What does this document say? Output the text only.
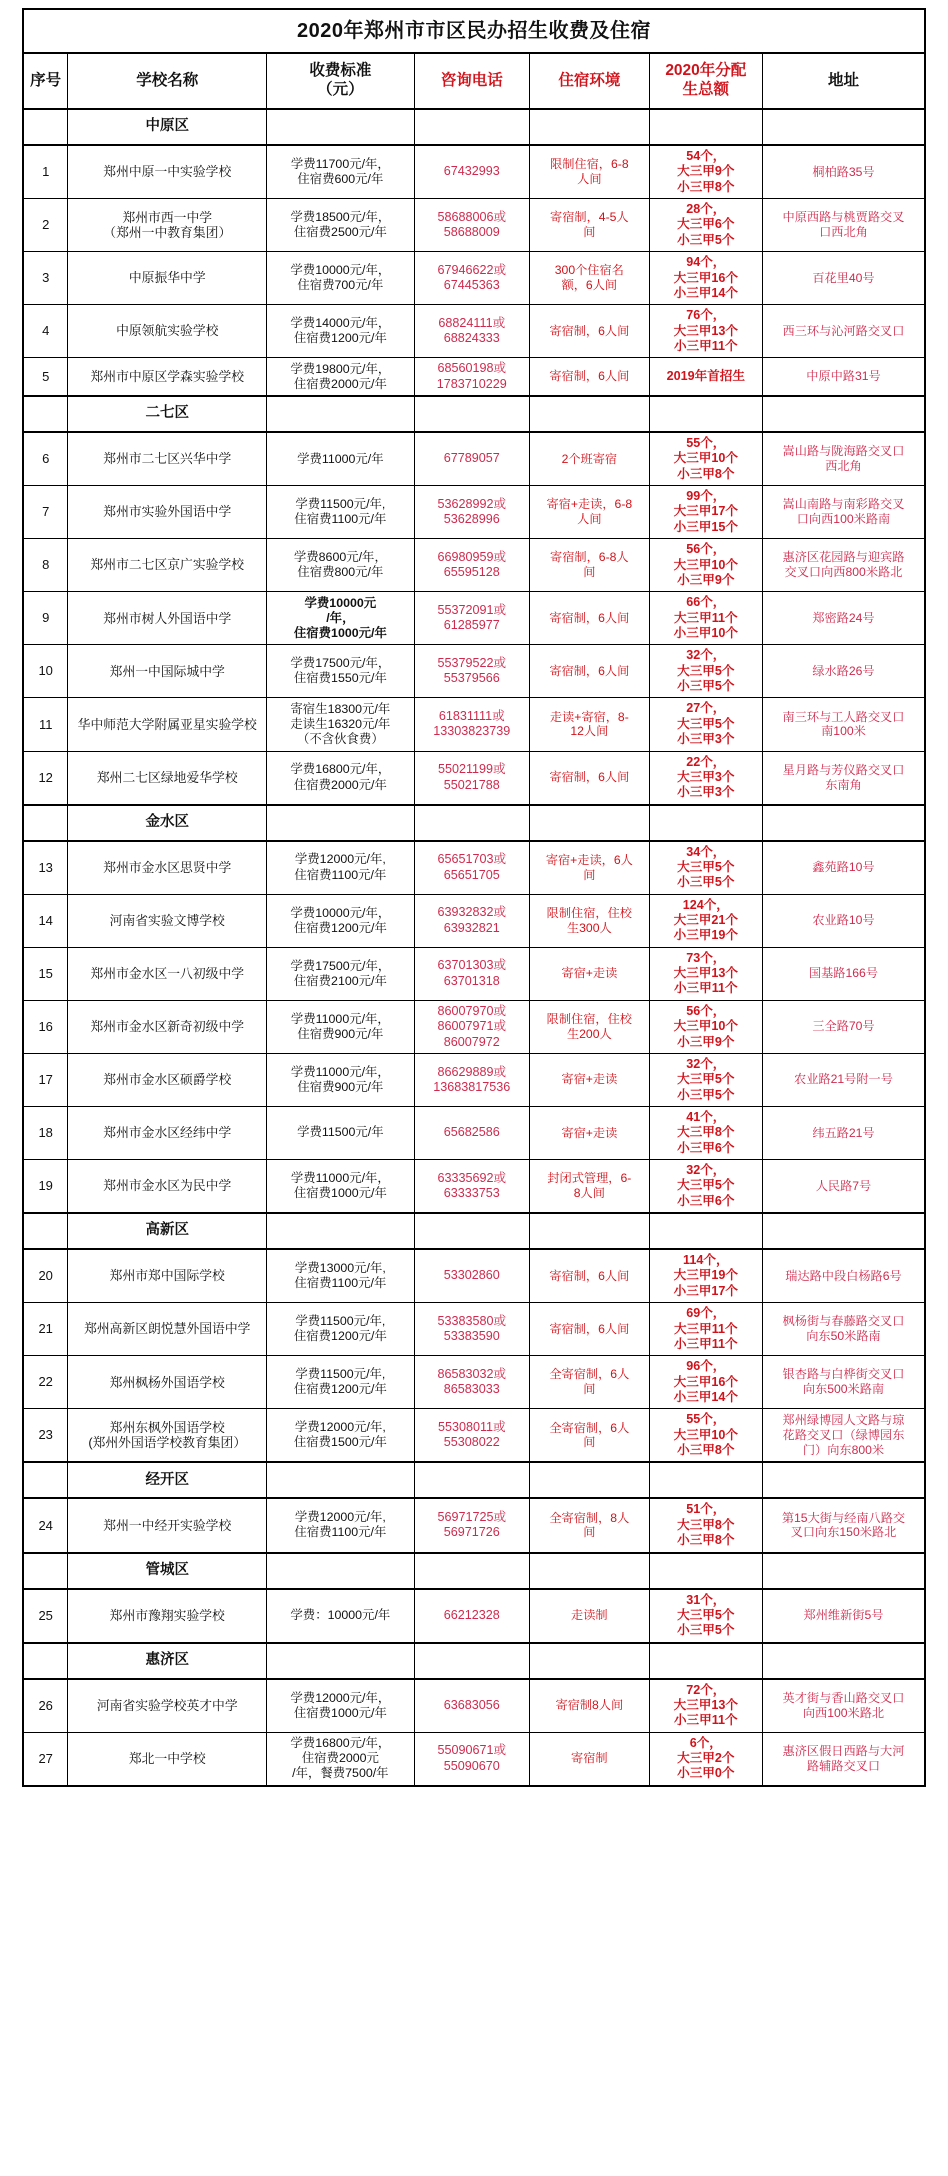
2020年郑州市市区民办招生收费及住宿						

序号	学校名称	收费标准
（元）	咨询电话	住宿环境	2020年分配
生总额	地址

	中原区					

1	郑州中原一中实验学校	学费11700元/年，
住宿费600元/年	67432993	限制住宿，6-8
人间	54个，
大三甲9个
小三甲8个	桐柏路35号

2	郑州市西一中学
（郑州一中教育集团）	学费18500元/年，
住宿费2500元/年	58688006或
58688009	寄宿制，4-5人
间	28个，
大三甲6个
小三甲5个	中原西路与桃贾路交叉
口西北角

3	中原振华中学	学费10000元/年，
住宿费700元/年	67946622或
67445363	300个住宿名
额，6人间	94个，
大三甲16个
小三甲14个	百花里40号

4	中原领航实验学校	学费14000元/年，
住宿费1200元/年	68824111或
68824333	寄宿制，6人间	76个，
大三甲13个
小三甲11个	西三环与沁河路交叉口

5	郑州市中原区学森实验学校	学费19800元/年，
住宿费2000元/年	68560198或
1783710229	寄宿制，6人间	2019年首招生	中原中路31号

	二七区					

6	郑州市二七区兴华中学	学费11000元/年	67789057	2个班寄宿	55个，
大三甲10个
小三甲8个	嵩山路与陇海路交叉口
西北角

7	郑州市实验外国语中学	学费11500元/年,
住宿费1100元/年	53628992或
53628996	寄宿+走读，6-8
人间	99个，
大三甲17个
小三甲15个	嵩山南路与南彩路交叉
口向西100米路南

8	郑州市二七区京广实验学校	学费8600元/年，
住宿费800元/年	66980959或
65595128	寄宿制，6-8人
间	56个，
大三甲10个
小三甲9个	惠济区花园路与迎宾路
交叉口向西800米路北

9	郑州市树人外国语中学	学费10000元
/年，
住宿费1000元/年	55372091或
61285977	寄宿制，6人间	66个，
大三甲11个
小三甲10个	郑密路24号

10	郑州一中国际城中学	学费17500元/年，
住宿费1550元/年	55379522或
55379566	寄宿制，6人间	32个，
大三甲5个
小三甲5个	绿水路26号

11	华中师范大学附属亚星实验学校	寄宿生18300元/年
走读生16320元/年
（不含伙食费）	61831111或
13303823739	走读+寄宿，8-
12人间	27个，
大三甲5个
小三甲3个	南三环与工人路交叉口
南100米

12	郑州二七区绿地爱华学校	学费16800元/年，
住宿费2000元/年	55021199或
55021788	寄宿制，6人间	22个，
大三甲3个
小三甲3个	星月路与芳仪路交叉口
东南角

	金水区					

13	郑州市金水区思贤中学	学费12000元/年,
住宿费1100元/年	65651703或
65651705	寄宿+走读，6人
间	34个，
大三甲5个
小三甲5个	鑫苑路10号

14	河南省实验文博学校	学费10000元/年，
住宿费1200元/年	63932832或
63932821	限制住宿，住校
生300人	124个，
大三甲21个
小三甲19个	农业路10号

15	郑州市金水区一八初级中学	学费17500元/年，
住宿费2100元/年	63701303或
63701318	寄宿+走读	73个，
大三甲13个
小三甲11个	国基路166号

16	郑州市金水区新奇初级中学	学费11000元/年，
住宿费900元/年	86007970或
86007971或
86007972	限制住宿，住校
生200人	56个，
大三甲10个
小三甲9个	三全路70号

17	郑州市金水区硕爵学校	学费11000元/年，
住宿费900元/年	86629889或
13683817536	寄宿+走读	32个，
大三甲5个
小三甲5个	农业路21号附一号

18	郑州市金水区经纬中学	学费11500元/年	65682586	寄宿+走读	41个，
大三甲8个
小三甲6个	纬五路21号

19	郑州市金水区为民中学	学费11000元/年，
住宿费1000元/年	63335692或
63333753	封闭式管理，6-
8人间	32个，
大三甲5个
小三甲6个	人民路7号

	高新区					

20	郑州市郑中国际学校	学费13000元/年,
住宿费1100元/年	53302860	寄宿制，6人间	114个，
大三甲19个
小三甲17个	瑞达路中段白杨路6号

21	郑州高新区朗悦慧外国语中学	学费11500元/年,
住宿费1200元/年	53383580或
53383590	寄宿制，6人间	69个，
大三甲11个
小三甲11个	枫杨街与春藤路交叉口
向东50米路南

22	郑州枫杨外国语学校	学费11500元/年,
住宿费1200元/年	86583032或
86583033	全寄宿制，6人
间	96个，
大三甲16个
小三甲14个	银杏路与白桦街交叉口
向东500米路南

23	郑州东枫外国语学校
(郑州外国语学校教育集团）	学费12000元/年,
住宿费1500元/年	55308011或
55308022	全寄宿制，6人
间	55个，
大三甲10个
小三甲8个	郑州绿博园人文路与琼
花路交叉口（绿博园东
门）向东800米

	经开区					

24	郑州一中经开实验学校	学费12000元/年,
住宿费1100元/年	56971725或
56971726	全寄宿制，8人
间	51个，
大三甲8个
小三甲8个	第15大街与经南八路交
叉口向东150米路北

	管城区					

25	郑州市豫翔实验学校	学费：10000元/年	66212328	走读制	31个，
大三甲5个
小三甲5个	郑州维新街5号

	惠济区					

26	河南省实验学校英才中学	学费12000元/年，
住宿费1000元/年	63683056	寄宿制8人间	72个，
大三甲13个
小三甲11个	英才街与香山路交叉口
向西100米路北

27	郑北一中学校	学费16800元/年，
住宿费2000元
/年，餐费7500/年	55090671或
55090670	寄宿制	6个，
大三甲2个
小三甲0个	惠济区假日西路与大河
路辅路交叉口
